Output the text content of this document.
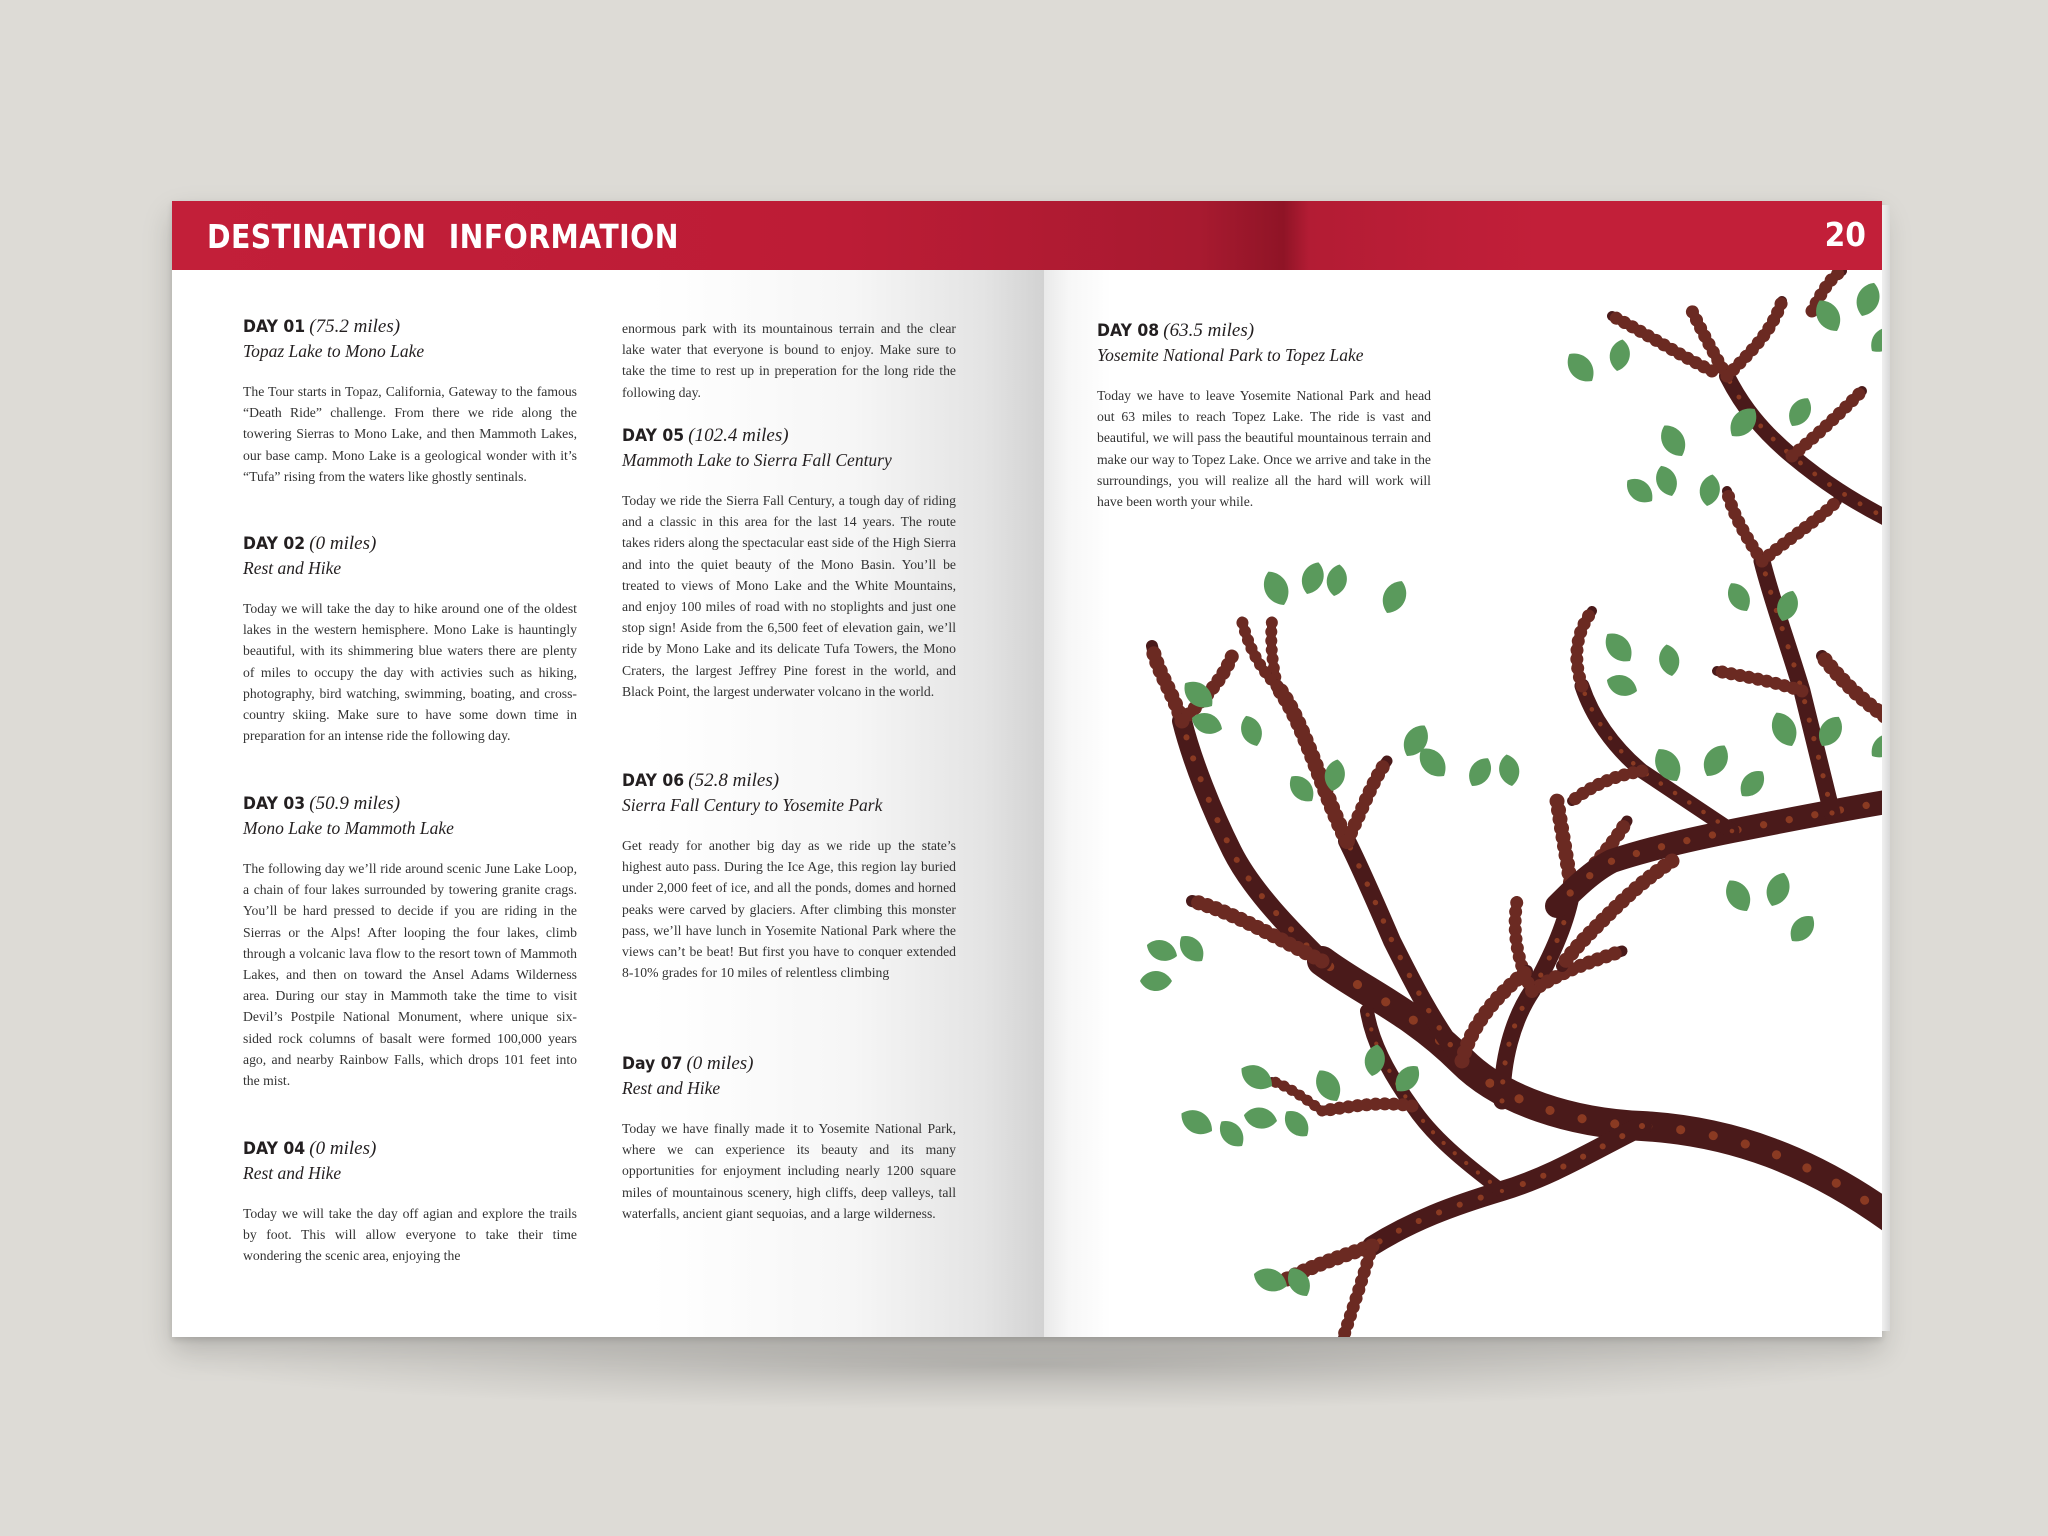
DESTINATION INFORMATION	20
DAY 01 (75.2 miles)
Topaz Lake to Mono Lake

The Tour starts in Topaz, California, Gateway to the famous “Death Ride” challenge. From there we ride along the towering Sierras to Mono Lake, and then Mammoth Lakes, our base camp. Mono Lake is a geological wonder with it’s “Tufa” rising from the waters like ghostly sentinals.

DAY 02 (0 miles)
Rest and Hike

Today we will take the day to hike around one of the oldest lakes in the western hemisphere. Mono Lake is hauntingly beautiful, with its shimmering blue waters there are plenty of miles to occupy the day with activies such as hiking, photography, bird watching, swimming, boating, and cross-country skiing. Make sure to have some down time in preparation for an intense ride the following day.

DAY 03 (50.9 miles)
Mono Lake to Mammoth Lake

The following day we’ll ride around scenic June Lake Loop, a chain of four lakes surrounded by towering granite crags. You’ll be hard pressed to decide if you are riding in the Sierras or the Alps! After looping the four lakes, climb through a volcanic lava flow to the resort town of Mammoth Lakes, and then on toward the Ansel Adams Wilderness area. During our stay in Mammoth take the time to visit Devil’s Postpile National Monument, where unique six-sided rock columns of basalt were formed 100,000 years ago, and nearby Rainbow Falls, which drops 101 feet into the mist.

DAY 04 (0 miles)
Rest and Hike

Today we will take the day off agian and explore the trails by foot. This will allow everyone to take their time wondering the scenic area, enjoying the

enormous park with its mountainous terrain and the clear lake water that everyone is bound to enjoy. Make sure to take the time to rest up in preperation for the long ride the following day.

DAY 05 (102.4 miles)
Mammoth Lake to Sierra Fall Century

Today we ride the Sierra Fall Century, a tough day of riding and a classic in this area for the last 14 years. The route takes riders along the spectacular east side of the High Sierra and into the quiet beauty of the Mono Basin. You’ll be treated to views of Mono Lake and the White Mountains, and enjoy 100 miles of road with no stoplights and just one stop sign! Aside from the 6,500 feet of elevation gain, we’ll ride by Mono Lake and its delicate Tufa Towers, the Mono Craters, the largest Jeffrey Pine forest in the world, and Black Point, the largest underwater volcano in the world.

DAY 06 (52.8 miles)
Sierra Fall Century to Yosemite Park

Get ready for another big day as we ride up the state’s highest auto pass. During the Ice Age, this region lay buried under 2,000 feet of ice, and all the ponds, domes and horned peaks were carved by glaciers. After climbing this monster pass, we’ll have lunch in Yosemite National Park where the views can’t be beat! But first you have to conquer extended 8-10% grades for 10 miles of relentless climbing

Day 07 (0 miles)
Rest and Hike

Today we have finally made it to Yosemite National Park, where we can experience its beauty and its many opportunities for enjoyment including nearly 1200 square miles of mountainous scenery, high cliffs, deep valleys, tall waterfalls, ancient giant sequoias, and a large wilderness.

DAY 08 (63.5 miles)
Yosemite National Park to Topez Lake

Today we have to leave Yosemite National Park and head out 63 miles to reach Topez Lake. The ride is vast and beautiful, we will pass the beautiful mountainous terrain and make our way to Topez Lake. Once we arrive and take in the surroundings, you will realize all the hard will work will have been worth your while.
